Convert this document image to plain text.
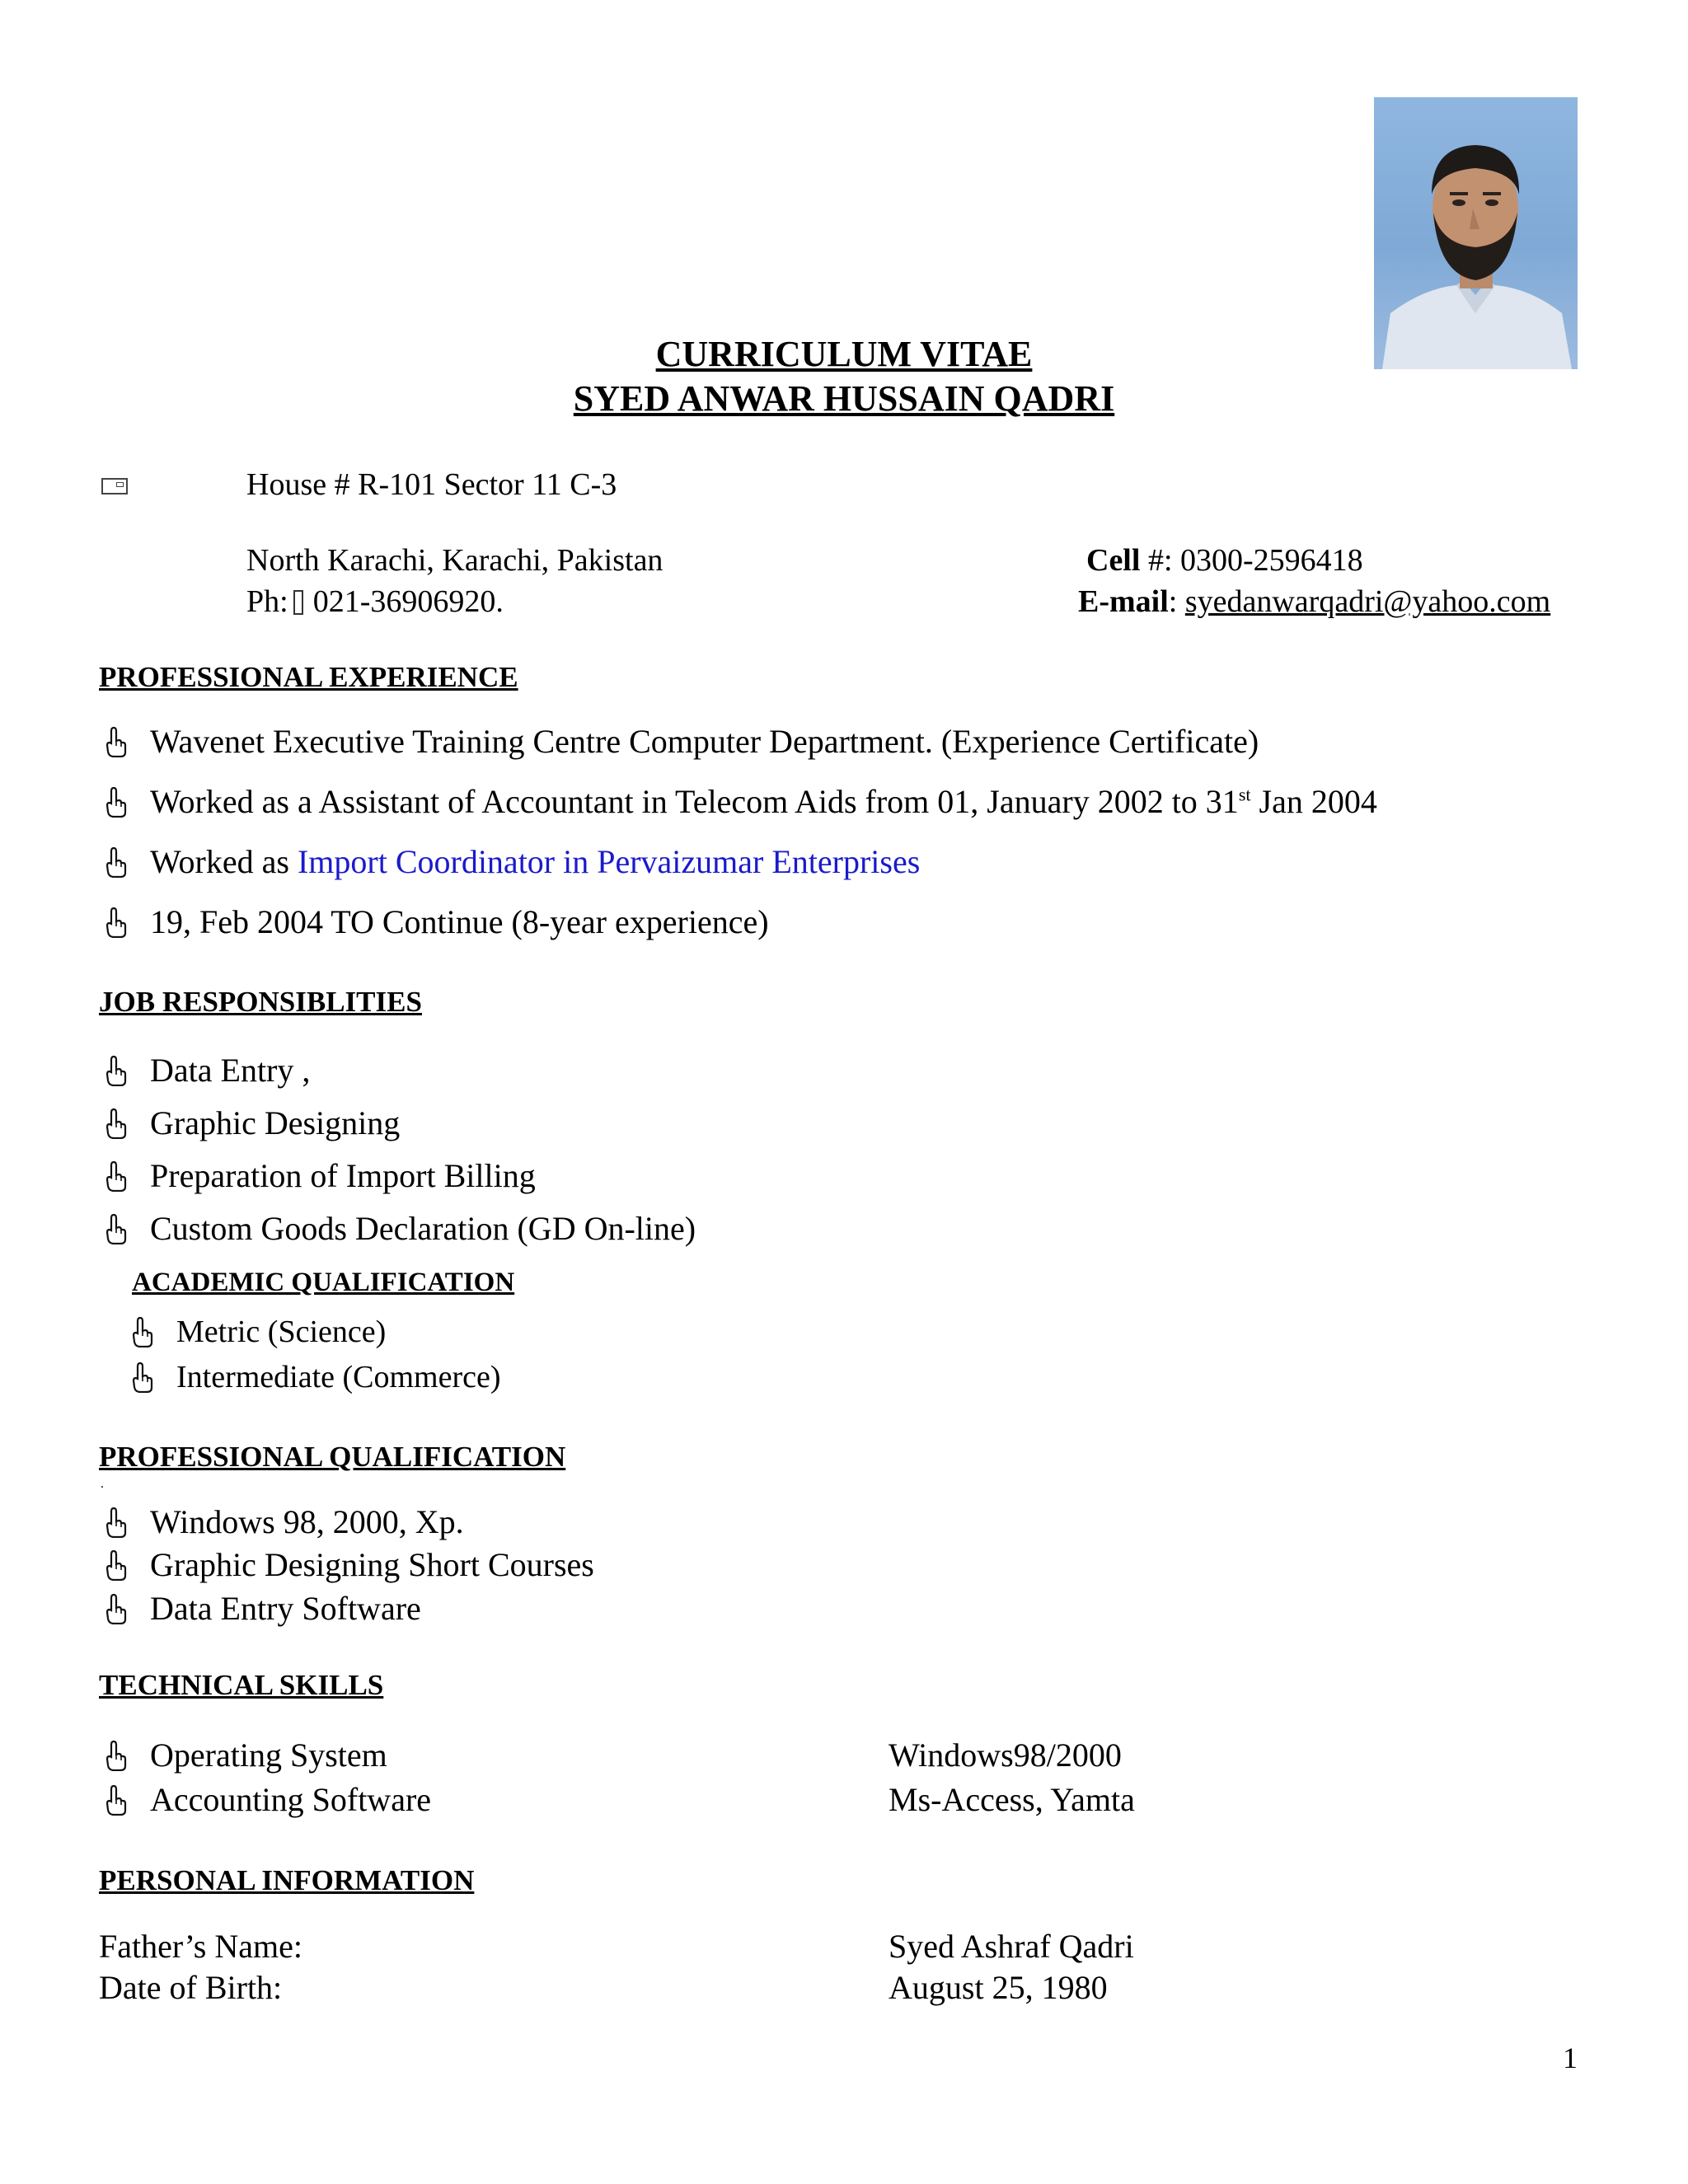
CURRICULUM VITAE
SYED ANWAR HUSSAIN QADRI
House # R-101 Sector 11 C-3
North Karachi, Karachi, Pakistan
Ph: 021-36906920.
Cell #: 0300-2596418
E-mail: syedanwarqadri@yahoo.com
PROFESSIONAL EXPERIENCE
Wavenet Executive Training Centre Computer Department. (Experience Certificate)
Worked as a Assistant of Accountant in Telecom Aids from 01, January 2002 to 31st Jan 2004
Worked as Import Coordinator in Pervaizumar Enterprises
19, Feb 2004 TO Continue (8-year experience)
JOB RESPONSIBLITIES
Data Entry ,
Graphic Designing
Preparation of Import Billing
Custom Goods Declaration (GD On-line)
ACADEMIC QUALIFICATION
Metric (Science)
Intermediate (Commerce)
PROFESSIONAL QUALIFICATION
.
Windows 98, 2000, Xp.
Graphic Designing Short Courses
Data Entry Software
TECHNICAL SKILLS
Operating System	Windows98/2000
Accounting Software	Ms-Access, Yamta
PERSONAL INFORMATION
Father’s Name:	Syed Ashraf Qadri
Date of Birth:	August 25, 1980
1
